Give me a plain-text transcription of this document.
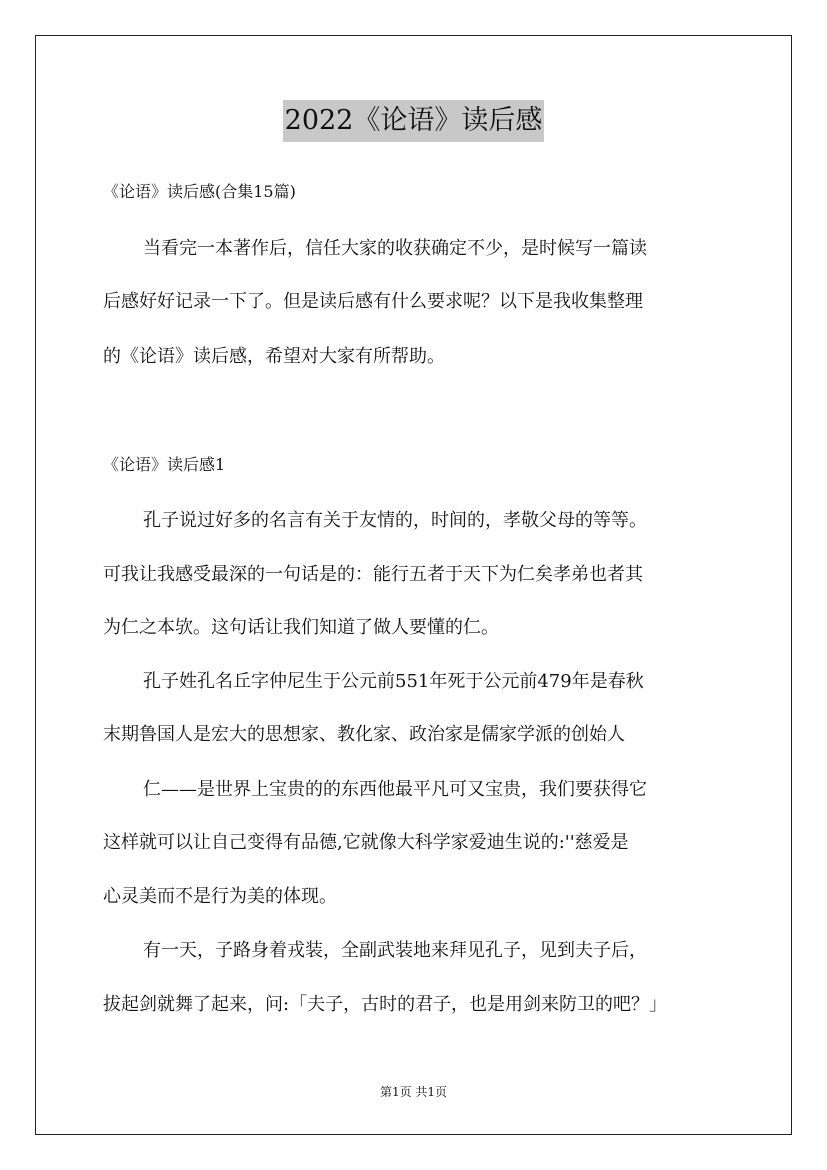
2022《论语》读后感
《论语》读后感(合集15篇)
当看完一本著作后，信任大家的收获确定不少，是时候写一篇读
后感好好记录一下了。但是读后感有什么要求呢？以下是我收集整理
的《论语》读后感，希望对大家有所帮助。
《论语》读后感1
孔子说过好多的名言有关于友情的，时间的，孝敬父母的等等。
可我让我感受最深的一句话是的：能行五者于天下为仁矣孝弟也者其
为仁之本欤。这句话让我们知道了做人要懂的仁。
孔子姓孔名丘字仲尼生于公元前551年死于公元前479年是春秋
末期鲁国人是宏大的思想家、教化家、政治家是儒家学派的创始人
仁——是世界上宝贵的的东西他最平凡可又宝贵，我们要获得它
这样就可以让自己变得有品德,它就像大科学家爱迪生说的:''慈爱是
心灵美而不是行为美的体现。
有一天，子路身着戎装，全副武装地来拜见孔子，见到夫子后，
拔起剑就舞了起来，问:「夫子，古时的君子，也是用剑来防卫的吧？」
第1页 共1页
